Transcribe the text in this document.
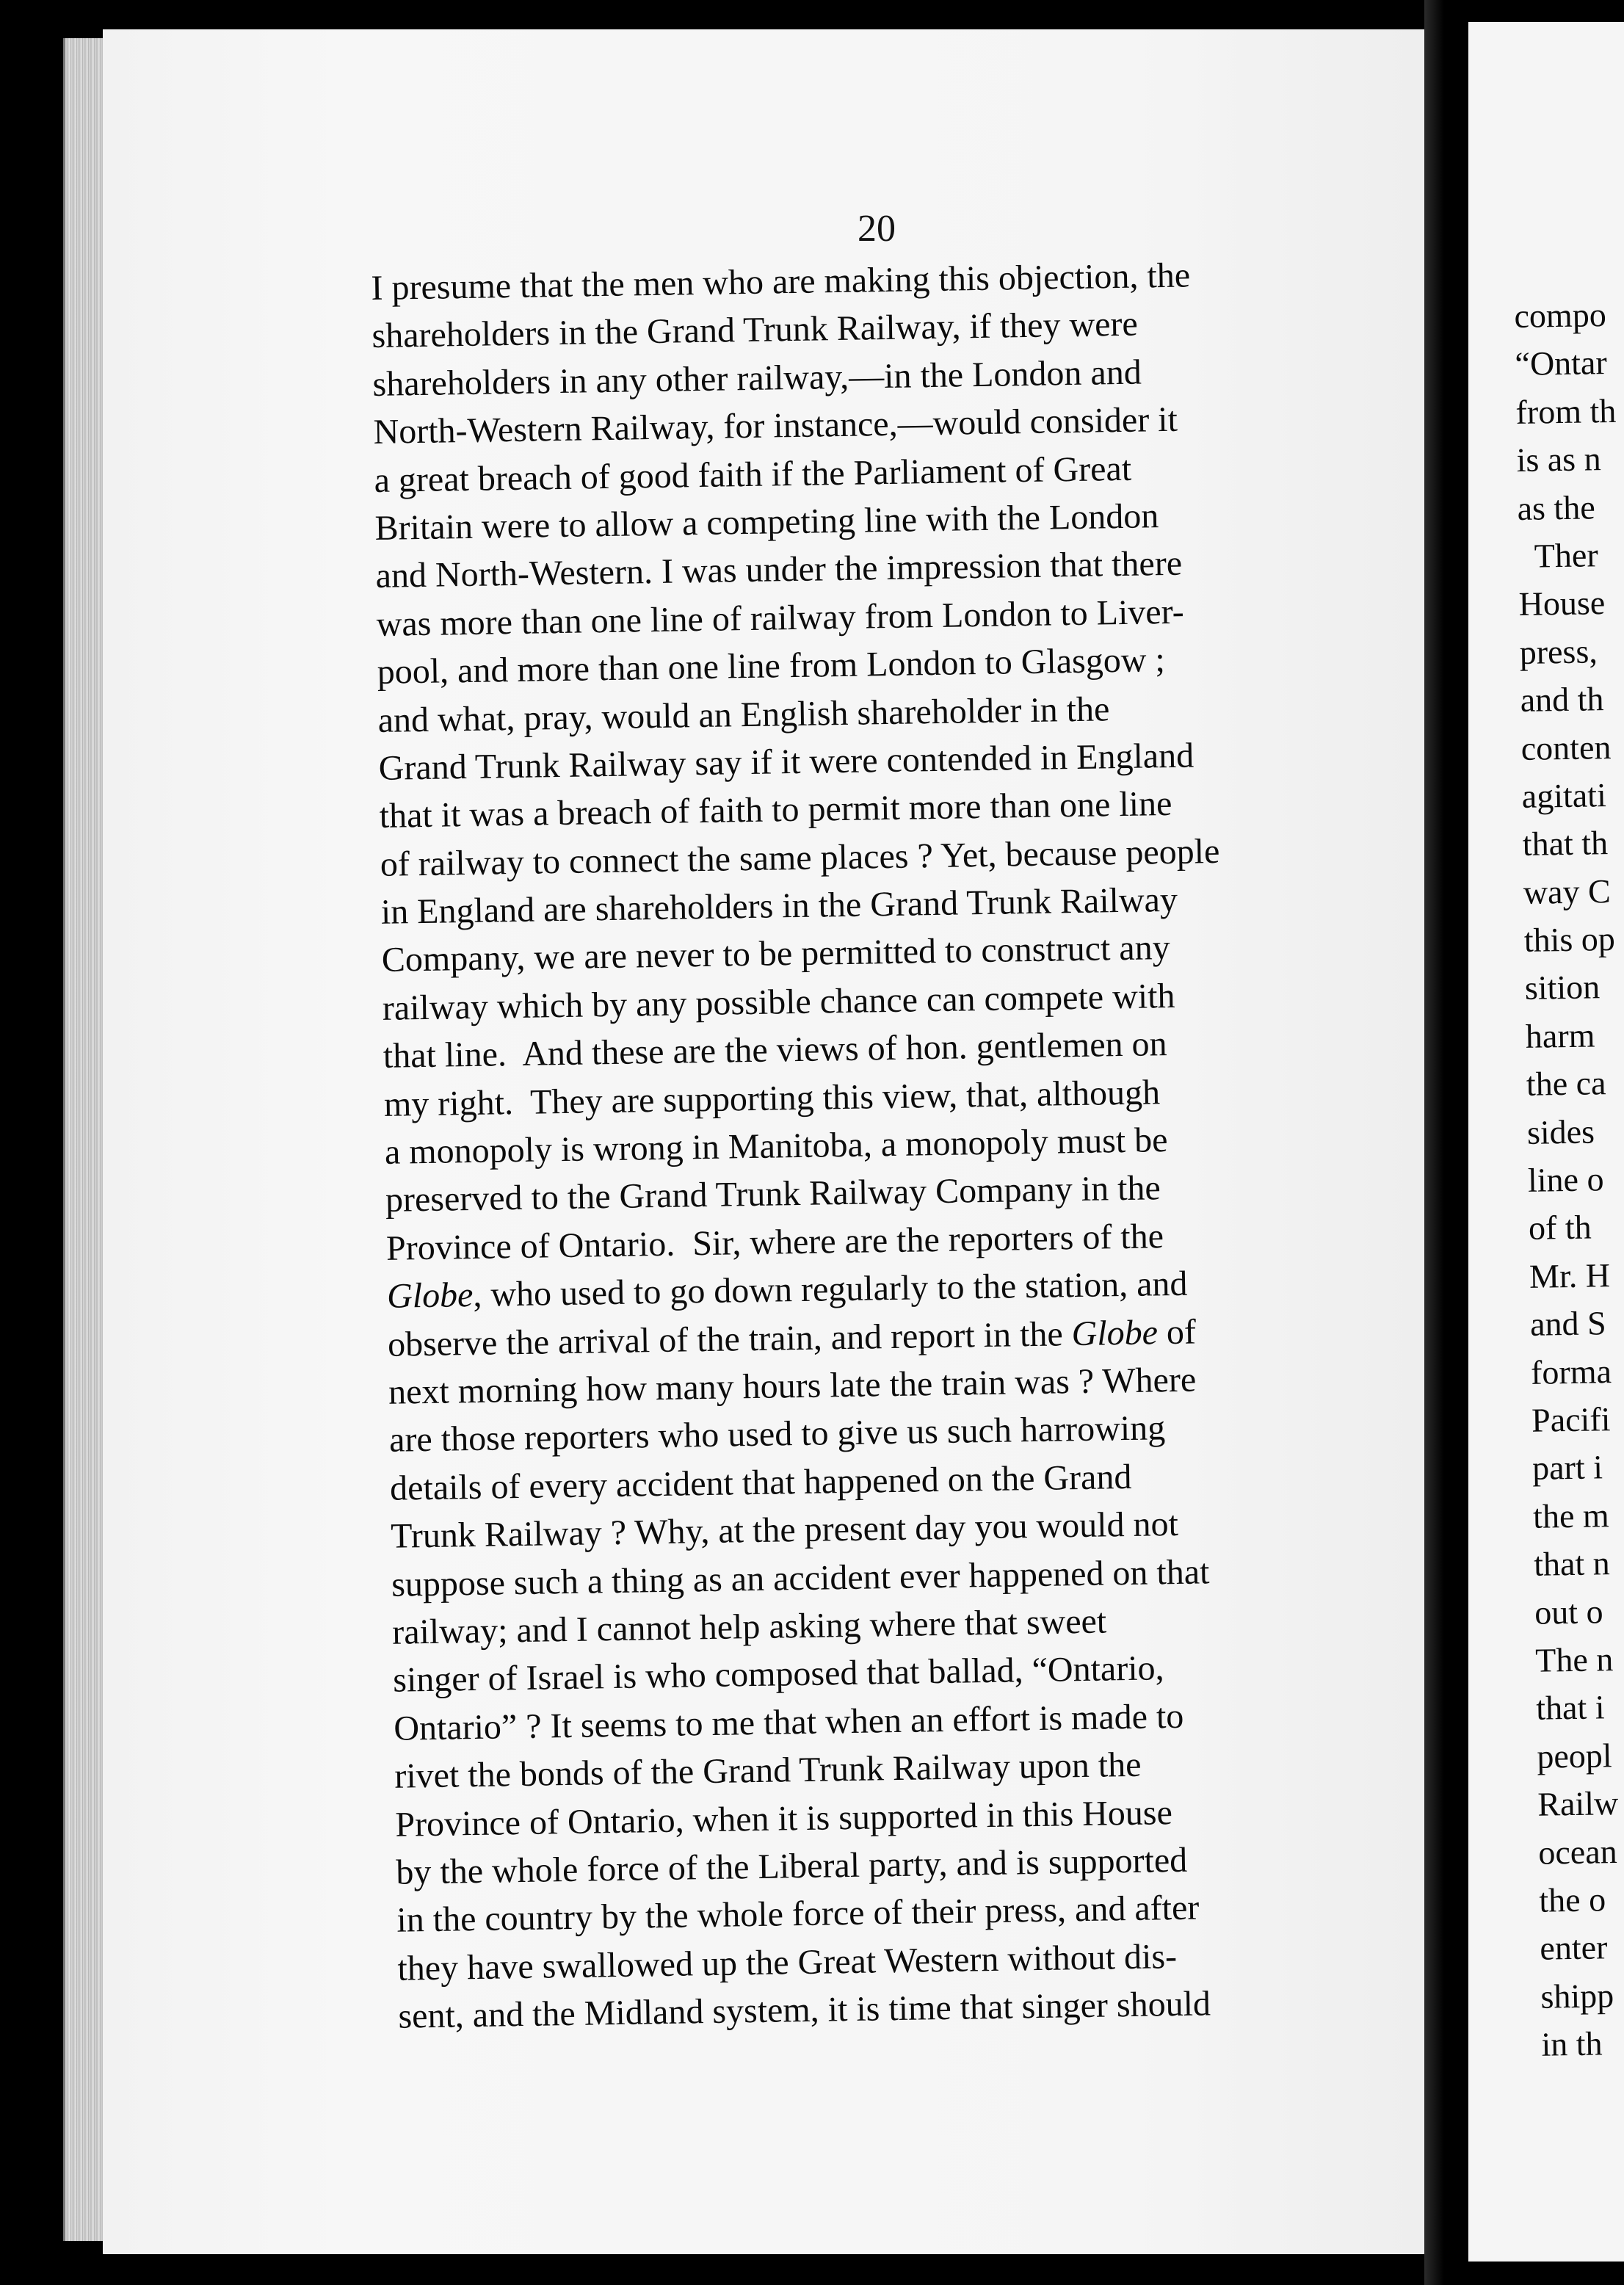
compo
“Ontar
from th
is as n
as the
Ther
House
press,
and th
conten
agitati
that th
way C
this op
sition
harm
the ca
sides
line o
of th
Mr. H
and S
forma
Pacifi
part i
the m
that n
out o
The n
that i
peopl
Railw
ocean
the o
enter
shipp
in th
20
I presume that the men who are making this objection, the
shareholders in the Grand Trunk Railway, if they were
shareholders in any other railway,—in the London and
North-Western Railway, for instance,—would consider it
a great breach of good faith if the Parliament of Great
Britain were to allow a competing line with the London
and North-Western. I was under the impression that there
was more than one line of railway from London to Liver-
pool, and more than one line from London to Glasgow ;
and what, pray, would an English shareholder in the
Grand Trunk Railway say if it were contended in England
that it was a breach of faith to permit more than one line
of railway to connect the same places ? Yet, because people
in England are shareholders in the Grand Trunk Railway
Company, we are never to be permitted to construct any
railway which by any possible chance can compete with
that line.  And these are the views of hon. gentlemen on
my right.  They are supporting this view, that, although
a monopoly is wrong in Manitoba, a monopoly must be
preserved to the Grand Trunk Railway Company in the
Province of Ontario.  Sir, where are the reporters of the
Globe, who used to go down regularly to the station, and
observe the arrival of the train, and report in the Globe of
next morning how many hours late the train was ? Where
are those reporters who used to give us such harrowing
details of every accident that happened on the Grand
Trunk Railway ? Why, at the present day you would not
suppose such a thing as an accident ever happened on that
railway; and I cannot help asking where that sweet
singer of Israel is who composed that ballad, “Ontario,
Ontario” ? It seems to me that when an effort is made to
rivet the bonds of the Grand Trunk Railway upon the
Province of Ontario, when it is supported in this House
by the whole force of the Liberal party, and is supported
in the country by the whole force of their press, and after
they have swallowed up the Great Western without dis-
sent, and the Midland system, it is time that singer should
